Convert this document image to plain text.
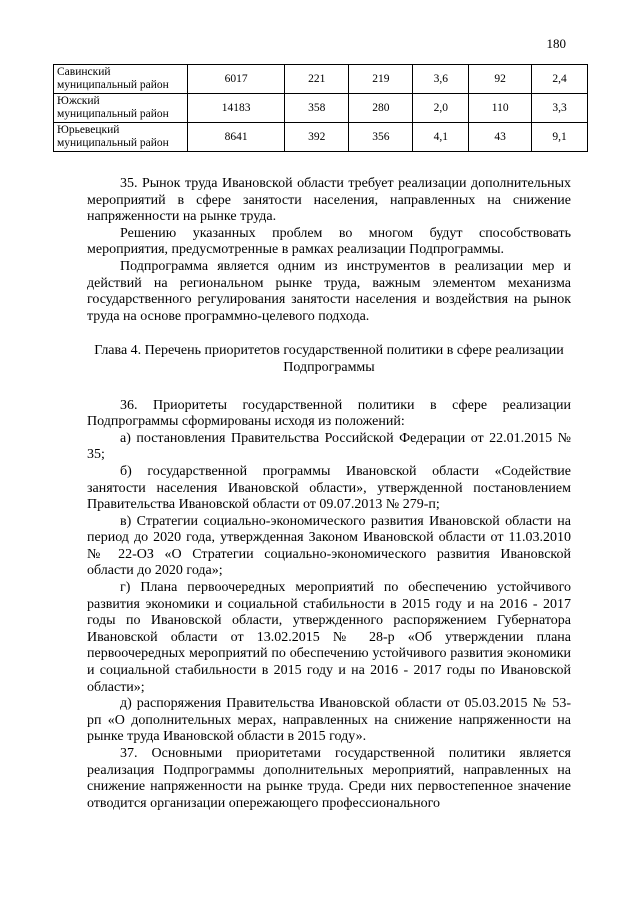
180
Савинский
муниципальный район	6017	221	219	3,6	92	2,4
Южский
муниципальный район	14183	358	280	2,0	110	3,3
Юрьевецкий
муниципальный район	8641	392	356	4,1	43	9,1

35. Рынок труда Ивановской области требует реализации дополнительных мероприятий в сфере занятости населения, направленных на снижение напряженности на рынке труда.

Решению указанных проблем во многом будут способствовать мероприятия, предусмотренные в рамках реализации Подпрограммы.

Подпрограмма является одним из инструментов в реализации мер и действий на региональном рынке труда, важным элементом механизма государственного регулирования занятости населения и воздействия на рынок труда на основе программно-целевого подхода.

Глава 4. Перечень приоритетов государственной политики в сфере реализации Подпрограммы

36. Приоритеты государственной политики в сфере реализации Подпрограммы сформированы исходя из положений:

а) постановления Правительства Российской Федерации от 22.01.2015 № 35;

б) государственной программы Ивановской области «Содействие занятости населения Ивановской области», утвержденной постановлением Правительства Ивановской области от 09.07.2013 № 279-п;

в) Стратегии социально-экономического развития Ивановской области на период до 2020 года, утвержденная Законом Ивановской области от 11.03.2010 № 22-ОЗ «О Стратегии социально-экономического развития Ивановской области до 2020 года»;

г) Плана первоочередных мероприятий по обеспечению устойчивого развития экономики и социальной стабильности в 2015 году и на 2016 - 2017 годы по Ивановской области, утвержденного распоряжением Губернатора Ивановской области от 13.02.2015 № 28-р «Об утверждении плана первоочередных мероприятий по обеспечению устойчивого развития экономики и социальной стабильности в 2015 году и на 2016 - 2017 годы по Ивановской области»;

д) распоряжения Правительства Ивановской области от 05.03.2015 № 53-рп «О дополнительных мерах, направленных на снижение напряженности на рынке труда Ивановской области в 2015 году».

37. Основными приоритетами государственной политики является реализация Подпрограммы дополнительных мероприятий, направленных на снижение напряженности на рынке труда. Среди них первостепенное значение отводится организации опережающего профессионального
